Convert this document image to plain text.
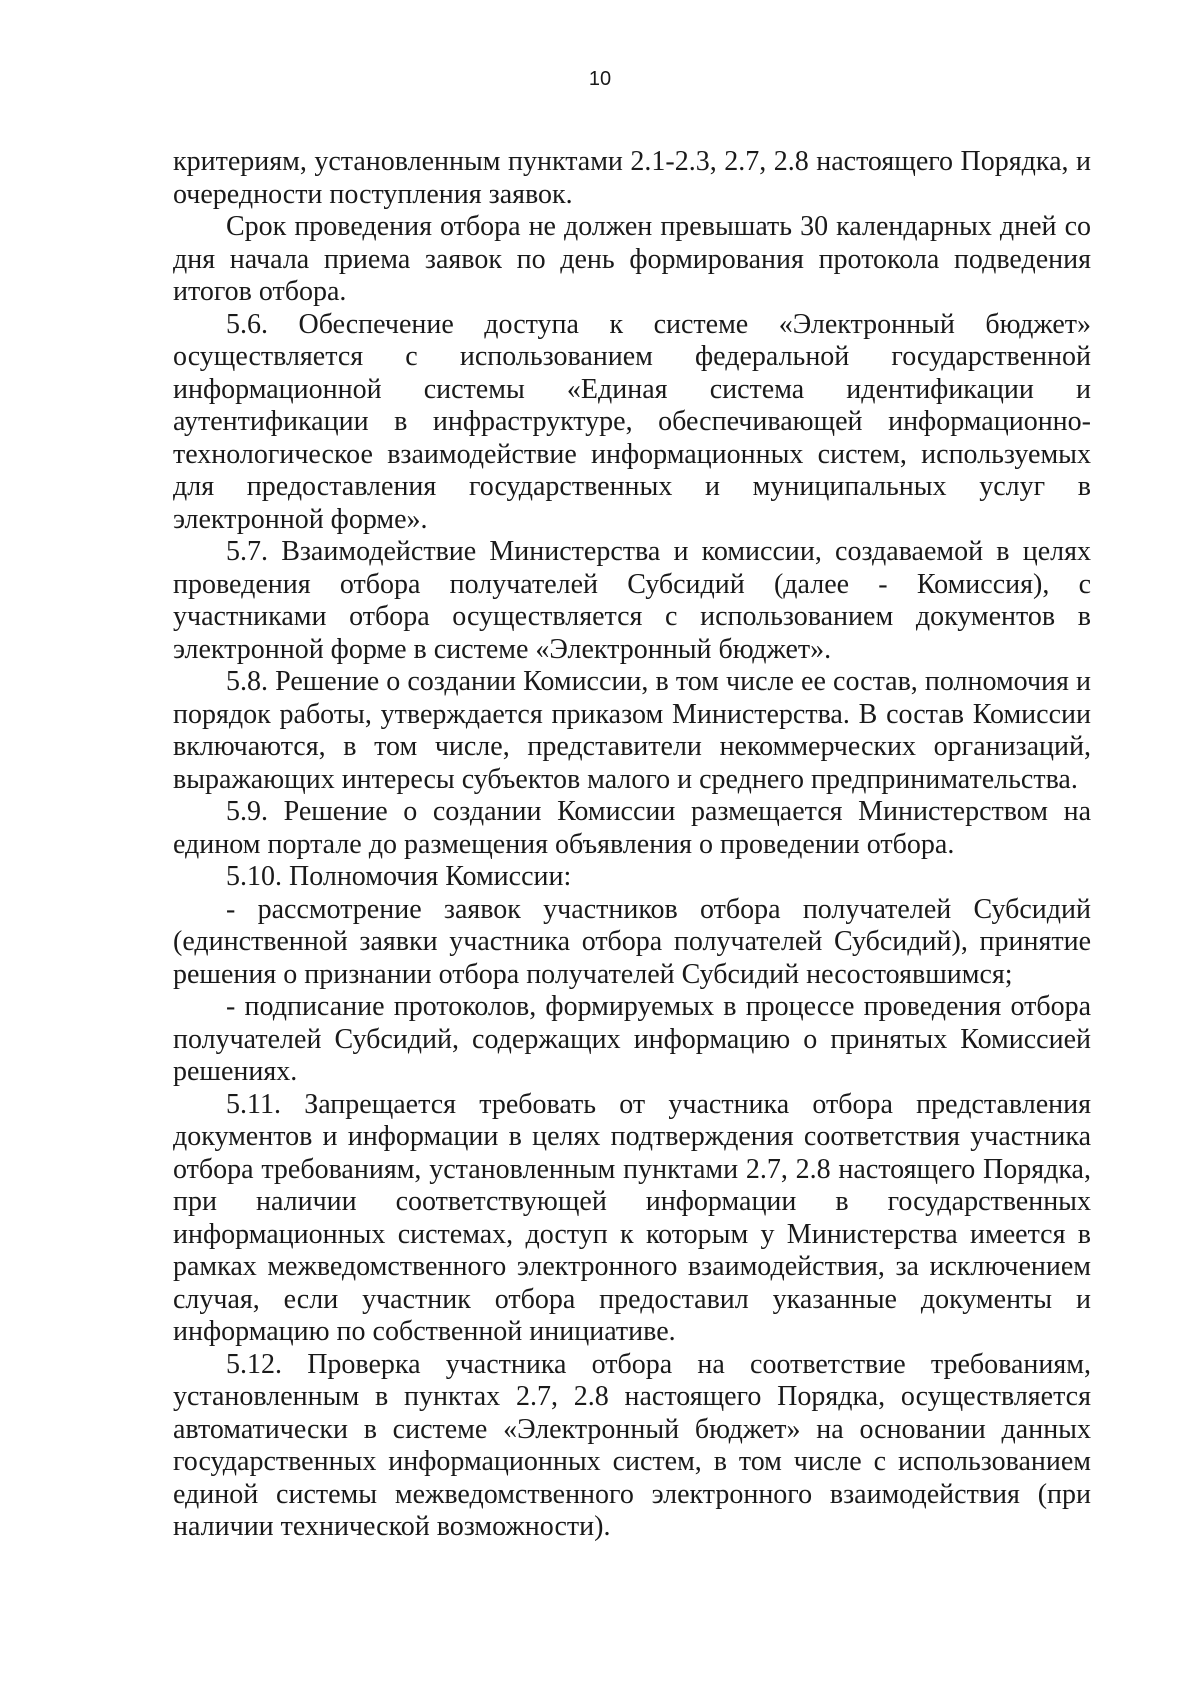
10

критериям, установленным пунктами 2.1-2.3, 2.7, 2.8 настоящего Порядка, и очередности поступления заявок.

Срок проведения отбора не должен превышать 30 календарных дней со дня начала приема заявок по день формирования протокола подведения итогов отбора.

5.6. Обеспечение доступа к системе «Электронный бюджет» осуществляется с использованием федеральной государственной информационной системы «Единая система идентификации и аутентификации в инфраструктуре, обеспечивающей информационно-технологическое взаимодействие информационных систем, используемых для предоставления государственных и муниципальных услуг в электронной форме».

5.7. Взаимодействие Министерства и комиссии, создаваемой в целях проведения отбора получателей Субсидий (далее - Комиссия), с участниками отбора осуществляется с использованием документов в электронной форме в системе «Электронный бюджет».

5.8. Решение о создании Комиссии, в том числе ее состав, полномочия и порядок работы, утверждается приказом Министерства. В состав Комиссии включаются, в том числе, представители некоммерческих организаций, выражающих интересы субъектов малого и среднего предпринимательства.

5.9. Решение о создании Комиссии размещается Министерством на едином портале до размещения объявления о проведении отбора.

5.10. Полномочия Комиссии:

- рассмотрение заявок участников отбора получателей Субсидий (единственной заявки участника отбора получателей Субсидий), принятие решения о признании отбора получателей Субсидий несостоявшимся;

- подписание протоколов, формируемых в процессе проведения отбора получателей Субсидий, содержащих информацию о принятых Комиссией решениях.

5.11. Запрещается требовать от участника отбора представления документов и информации в целях подтверждения соответствия участника отбора требованиям, установленным пунктами 2.7, 2.8 настоящего Порядка, при наличии соответствующей информации в государственных информационных системах, доступ к которым у Министерства имеется в рамках межведомственного электронного взаимодействия, за исключением случая, если участник отбора предоставил указанные документы и информацию по собственной инициативе.

5.12. Проверка участника отбора на соответствие требованиям, установленным в пунктах 2.7, 2.8 настоящего Порядка, осуществляется автоматически в системе «Электронный бюджет» на основании данных государственных информационных систем, в том числе с использованием единой системы межведомственного электронного взаимодействия (при наличии технической возможности).
